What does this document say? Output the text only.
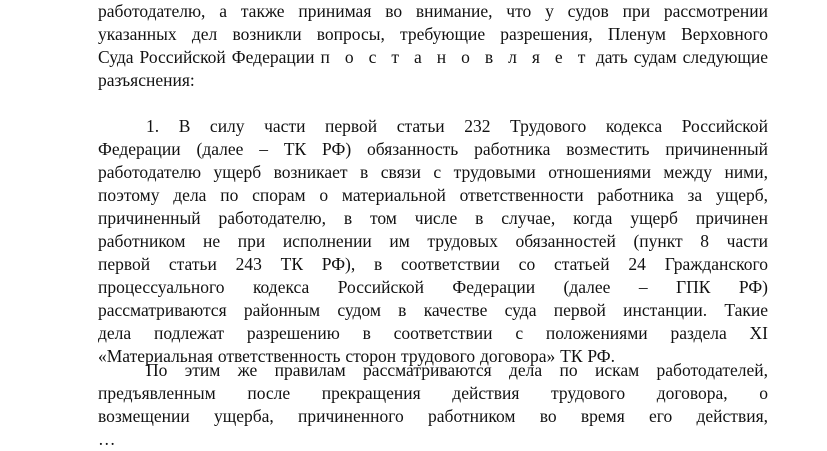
работодателю, а также принимая во внимание, что у судов при рассмотрении
указанных дел возникли вопросы, требующие разрешения, Пленум Верховного
Суда Российской Федерации п о с т а н о в л я е т дать судам следующие
разъяснения:
1. В силу части первой статьи 232 Трудового кодекса Российской
Федерации (далее – ТК РФ) обязанность работника возместить причиненный
работодателю ущерб возникает в связи с трудовыми отношениями между ними,
поэтому дела по спорам о материальной ответственности работника за ущерб,
причиненный работодателю, в том числе в случае, когда ущерб причинен
работником не при исполнении им трудовых обязанностей (пункт 8 части
первой статьи 243 ТК РФ), в соответствии со статьей 24 Гражданского
процессуального кодекса Российской Федерации (далее – ГПК РФ)
рассматриваются районным судом в качестве суда первой инстанции. Такие
дела подлежат разрешению в соответствии с положениями раздела XI
«Материальная ответственность сторон трудового договора» ТК РФ.
По этим же правилам рассматриваются дела по искам работодателей,
предъявленным после прекращения действия трудового договора, о
возмещении ущерба, причиненного работником во время его действия,
…
